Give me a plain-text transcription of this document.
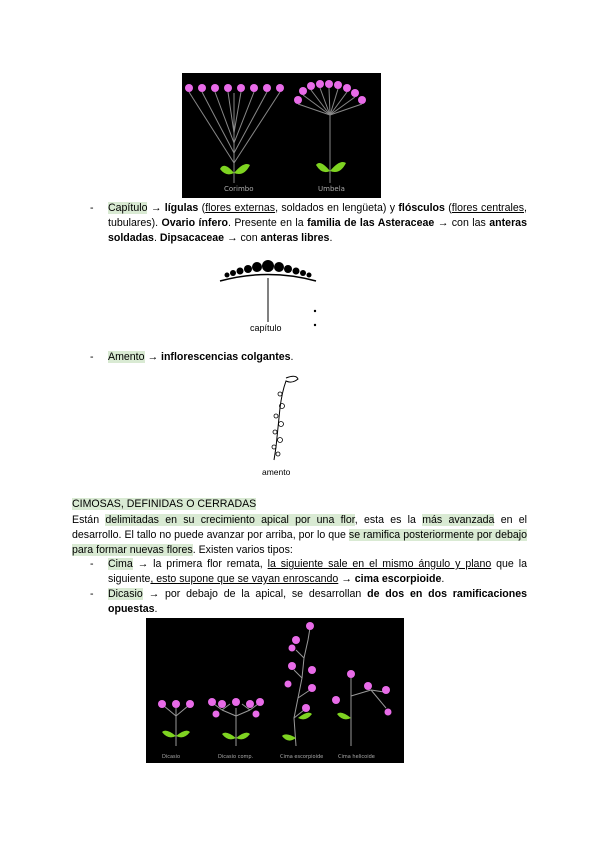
Corimbo	Umbela
- Capítulo → lígulas (flores externas, soldados en lengüeta) y flósculos (flores centrales, tubulares). Ovario ínfero. Presente en la familia de las Asteraceae → con las anteras soldadas. Dipsacaceae → con anteras libres.
capítulo
- Amento → inflorescencias colgantes.
amento
CIMOSAS, DEFINIDAS O CERRADAS
Están delimitadas en su crecimiento apical por una flor, esta es la más avanzada en el desarrollo. El tallo no puede avanzar por arriba, por lo que se ramifica posteriormente por debajo para formar nuevas flores. Existen varios tipos:
- Cima → la primera flor remata, la siguiente sale en el mismo ángulo y plano que la siguiente, esto supone que se vayan enroscando → cima escorpioide.
- Dicasio → por debajo de la apical, se desarrollan de dos en dos ramificaciones opuestas.
Dicasio	Dicasio comp.	Cima escorpioide	Cima helicoide
